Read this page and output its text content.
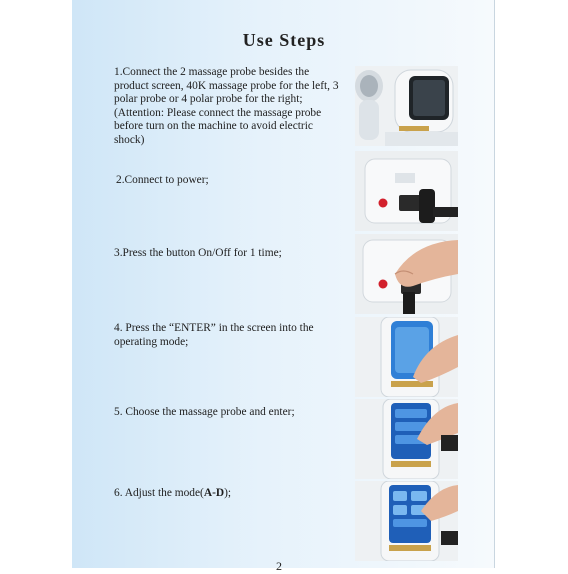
Use Steps
1.Connect the 2 massage probe besides the product screen, 40K massage probe for the left, 3 polar probe or 4 polar probe for the right;(Attention: Please connect the massage probe before turn on the machine to avoid electric shock)
2.Connect to power;
3.Press the button On/Off for 1 time;
4. Press the “ENTER” in the screen into the operating mode;
5. Choose the massage probe and enter;
6. Adjust the mode(A-D);
2
